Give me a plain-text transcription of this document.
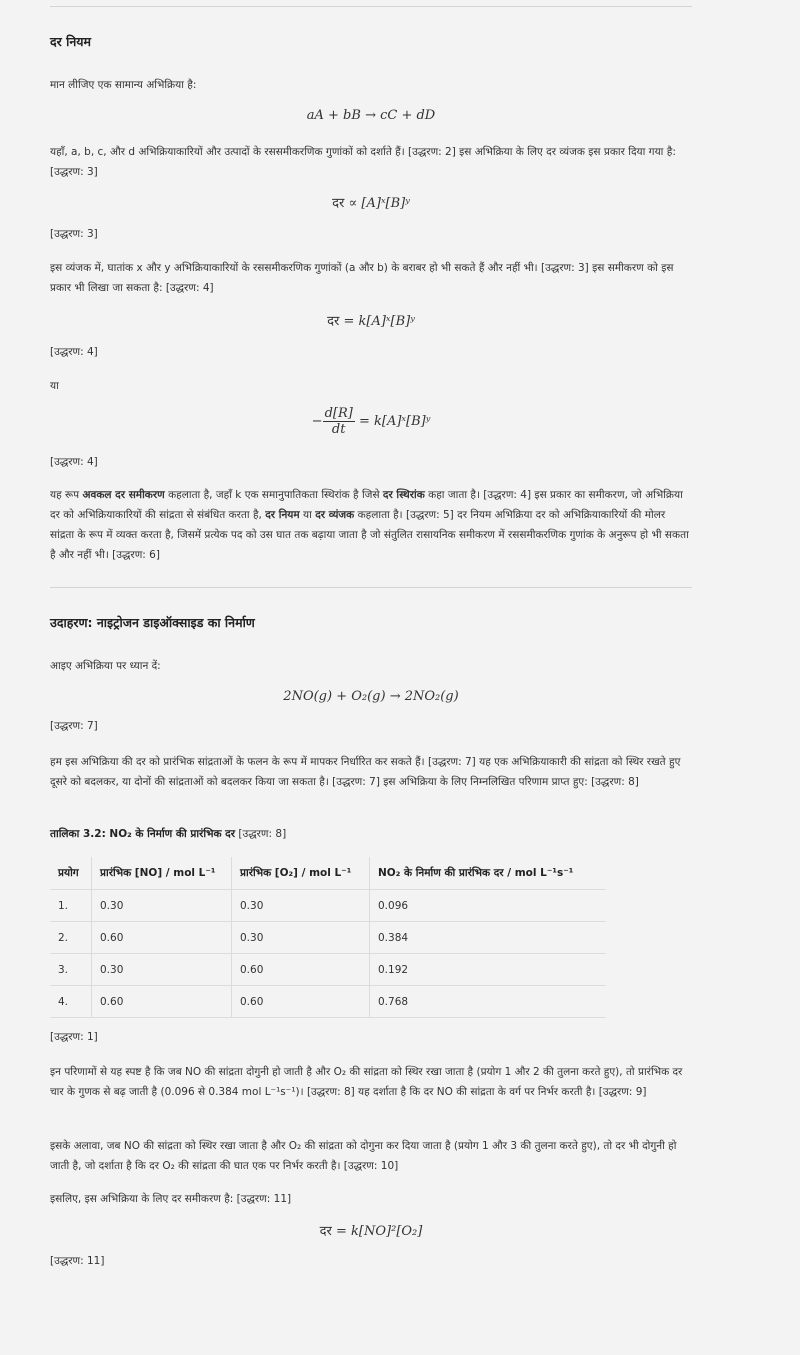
दर नियम
मान लीजिए एक सामान्य अभिक्रिया है:
aA + bB → cC + dD
यहाँ, a, b, c, और d अभिक्रियाकारियों और उत्पादों के रससमीकरणिक गुणांकों को दर्शाते हैं। [उद्धरण: 2] इस अभिक्रिया के लिए दर व्यंजक इस प्रकार दिया गया है: [उद्धरण: 3]
दर ∝ [A]ˣ[B]ʸ
[उद्धरण: 3]
इस व्यंजक में, घातांक x और y अभिक्रियाकारियों के रससमीकरणिक गुणांकों (a और b) के बराबर हो भी सकते हैं और नहीं भी। [उद्धरण: 3] इस समीकरण को इस प्रकार भी लिखा जा सकता है: [उद्धरण: 4]
दर = k[A]ˣ[B]ʸ
[उद्धरण: 4]
या
− $\frac{d[R]}{dt}$ = k[A]ˣ[B]ʸ
[उद्धरण: 4]
यह रूप अवकल दर समीकरण कहलाता है, जहाँ k एक समानुपातिकता स्थिरांक है जिसे दर स्थिरांक कहा जाता है। [उद्धरण: 4] इस प्रकार का समीकरण, जो अभिक्रिया दर को अभिक्रियाकारियों की सांद्रता से संबंधित करता है, दर नियम या दर व्यंजक कहलाता है। [उद्धरण: 5] दर नियम अभिक्रिया दर को अभिक्रियाकारियों की मोलर सांद्रता के रूप में व्यक्त करता है, जिसमें प्रत्येक पद को उस घात तक बढ़ाया जाता है जो संतुलित रासायनिक समीकरण में रससमीकरणिक गुणांक के अनुरूप हो भी सकता है और नहीं भी। [उद्धरण: 6]
उदाहरण: नाइट्रोजन डाइऑक्साइड का निर्माण
आइए अभिक्रिया पर ध्यान दें:
2NO(g) + O₂(g) → 2NO₂(g)
[उद्धरण: 7]
हम इस अभिक्रिया की दर को प्रारंभिक सांद्रताओं के फलन के रूप में मापकर निर्धारित कर सकते हैं। [उद्धरण: 7] यह एक अभिक्रियाकारी की सांद्रता को स्थिर रखते हुए दूसरे को बदलकर, या दोनों की सांद्रताओं को बदलकर किया जा सकता है। [उद्धरण: 7] इस अभिक्रिया के लिए निम्नलिखित परिणाम प्राप्त हुए: [उद्धरण: 8]
तालिका 3.2: NO₂ के निर्माण की प्रारंभिक दर [उद्धरण: 8]
प्रयोग	प्रारंभिक [NO] / mol L⁻¹	प्रारंभिक [O₂] / mol L⁻¹	NO₂ के निर्माण की प्रारंभिक दर / mol L⁻¹s⁻¹
1.	0.30	0.30	0.096
2.	0.60	0.30	0.384
3.	0.30	0.60	0.192
4.	0.60	0.60	0.768
[उद्धरण: 1]
इन परिणामों से यह स्पष्ट है कि जब NO की सांद्रता दोगुनी हो जाती है और O₂ की सांद्रता को स्थिर रखा जाता है (प्रयोग 1 और 2 की तुलना करते हुए), तो प्रारंभिक दर चार के गुणक से बढ़ जाती है (0.096 से 0.384 mol L⁻¹s⁻¹)। [उद्धरण: 8] यह दर्शाता है कि दर NO की सांद्रता के वर्ग पर निर्भर करती है। [उद्धरण: 9]
इसके अलावा, जब NO की सांद्रता को स्थिर रखा जाता है और O₂ की सांद्रता को दोगुना कर दिया जाता है (प्रयोग 1 और 3 की तुलना करते हुए), तो दर भी दोगुनी हो जाती है, जो दर्शाता है कि दर O₂ की सांद्रता की घात एक पर निर्भर करती है। [उद्धरण: 10]
इसलिए, इस अभिक्रिया के लिए दर समीकरण है: [उद्धरण: 11]
दर = k[NO]²[O₂]
[उद्धरण: 11]
